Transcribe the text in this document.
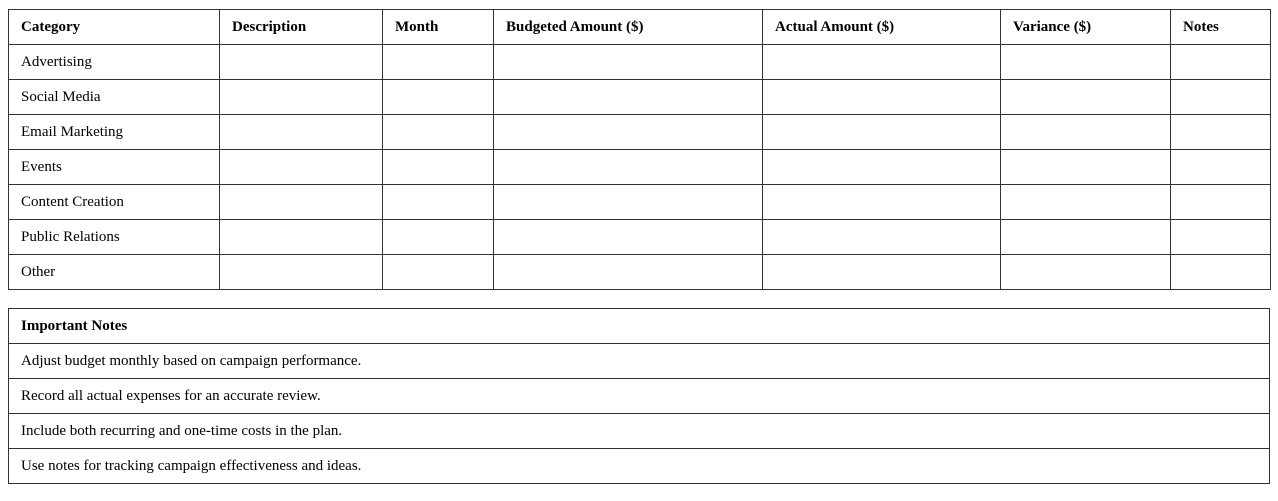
Category	Description	Month	Budgeted Amount ($)	Actual Amount ($)	Variance ($)	Notes
Advertising						
Social Media						
Email Marketing						
Events						
Content Creation						
Public Relations						
Other						
Important Notes
Adjust budget monthly based on campaign performance.
Record all actual expenses for an accurate review.
Include both recurring and one-time costs in the plan.
Use notes for tracking campaign effectiveness and ideas.
